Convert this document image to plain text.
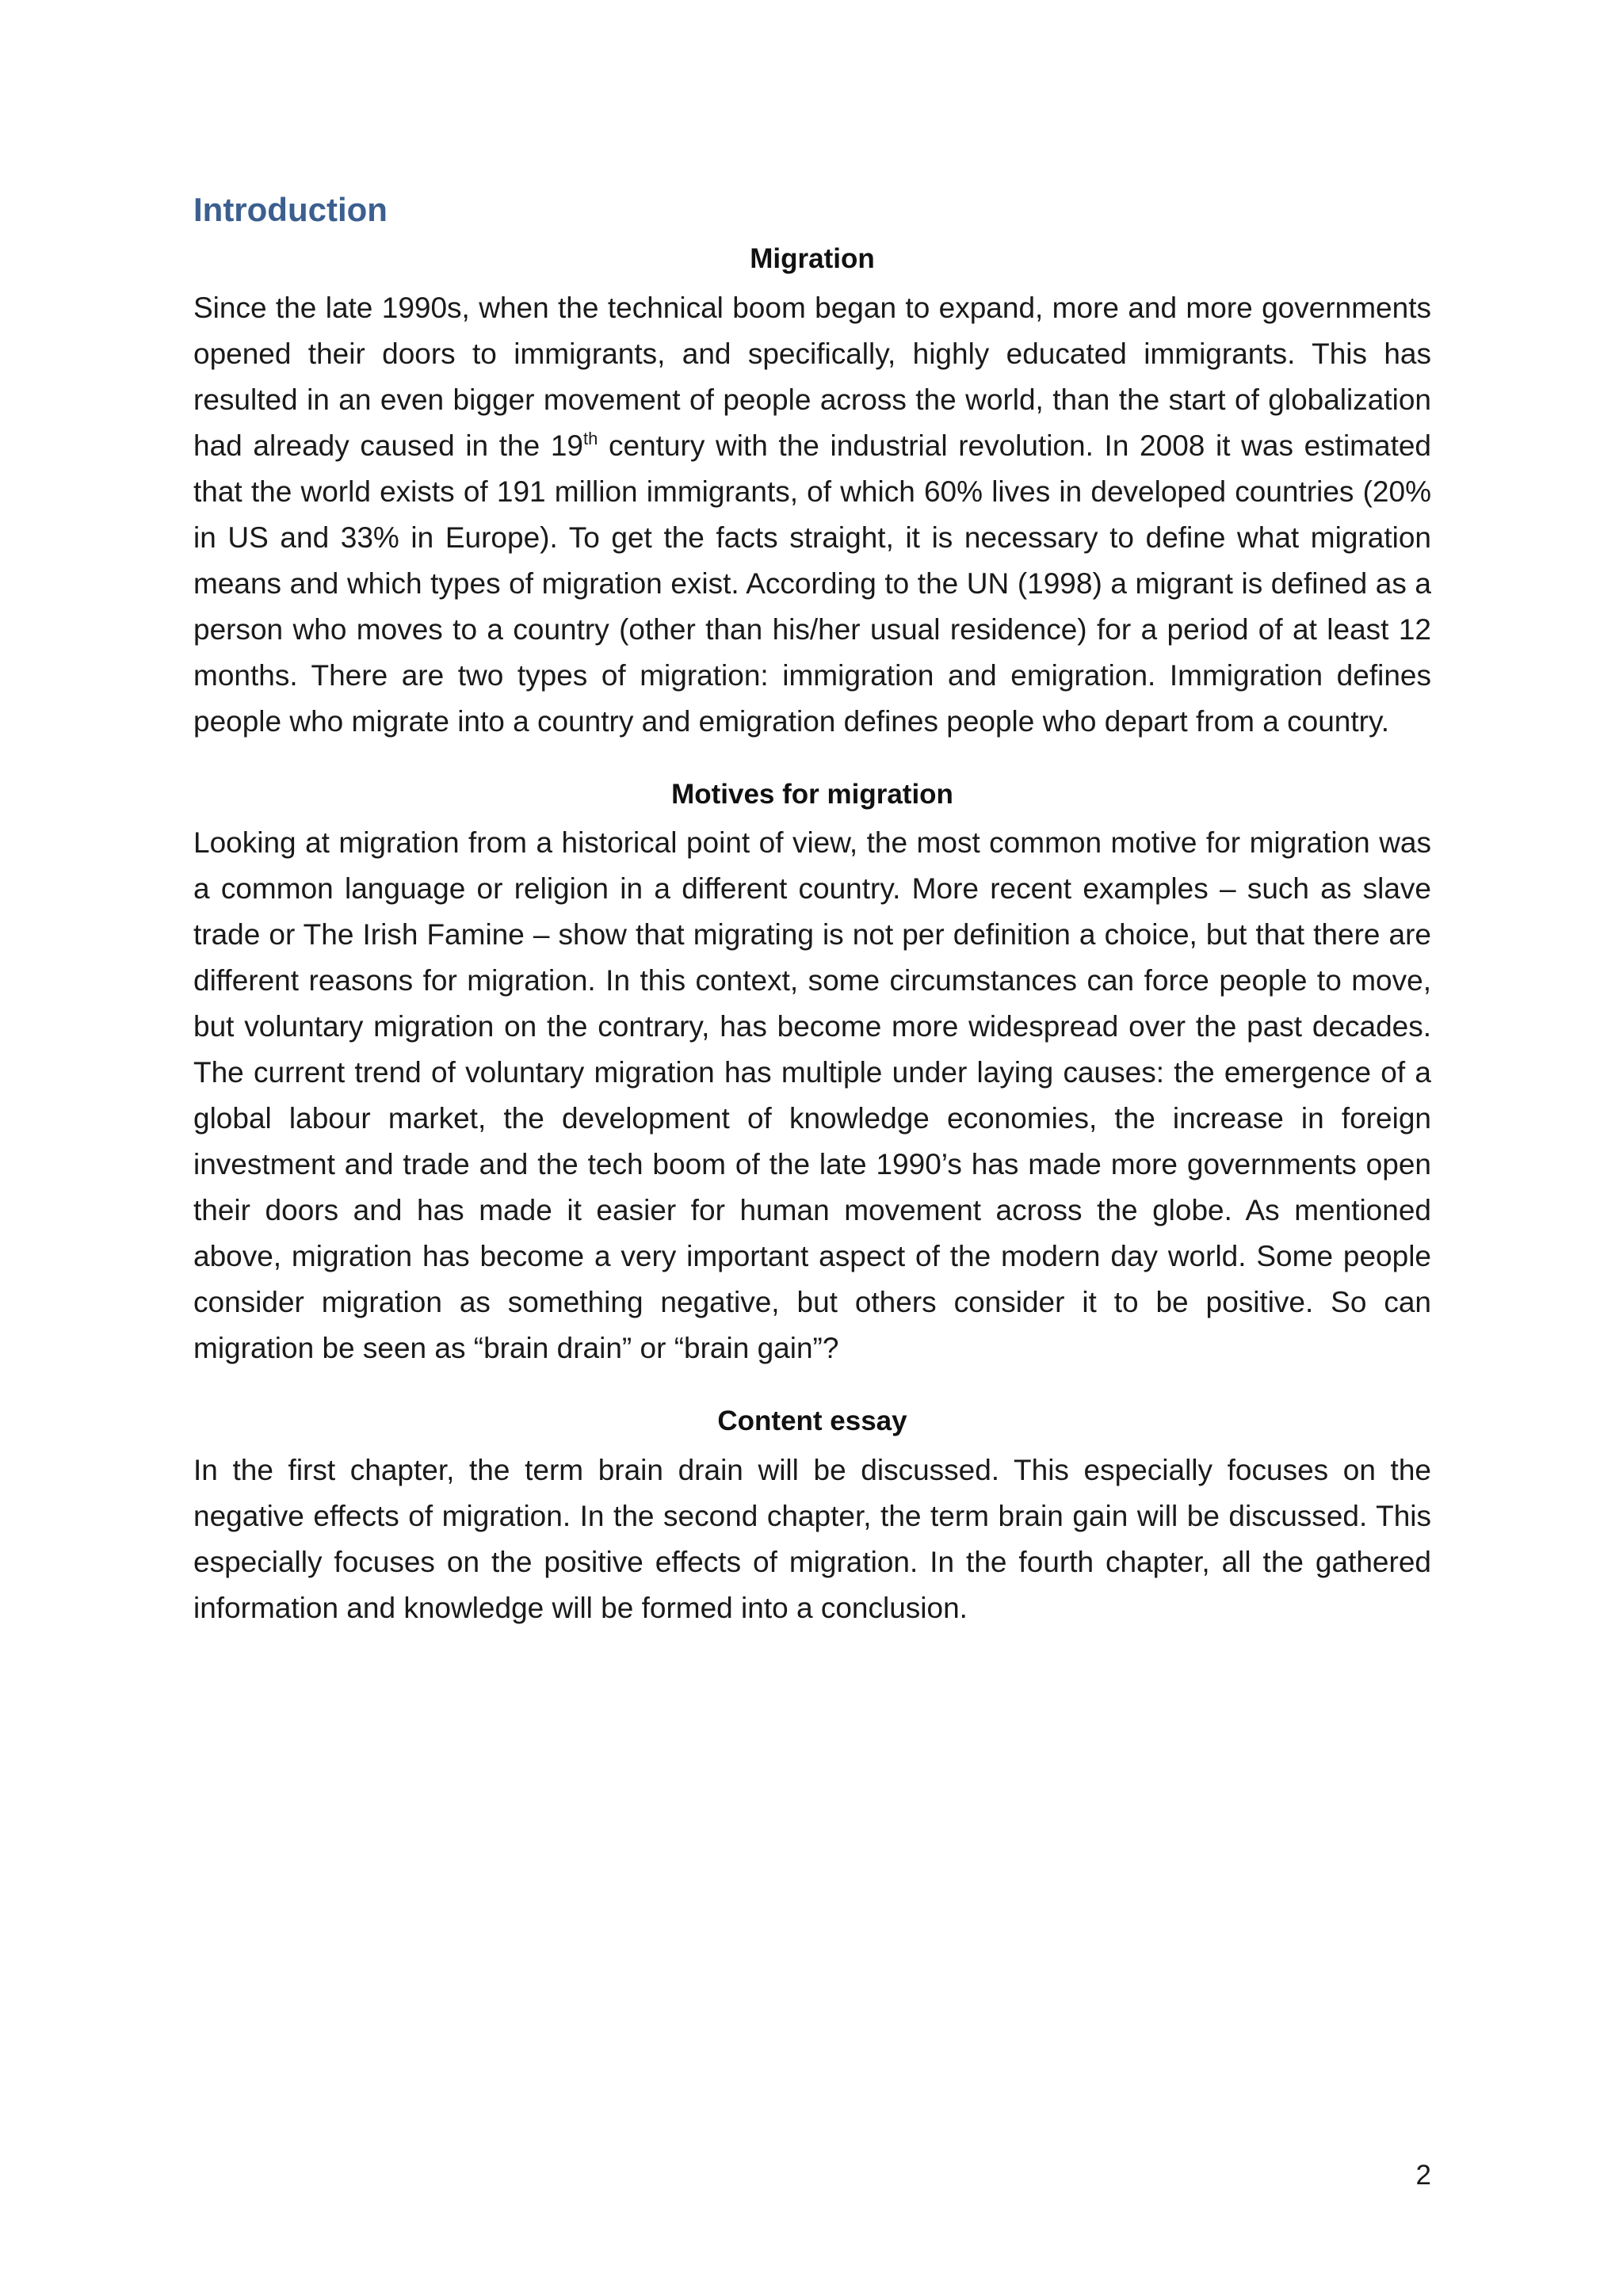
Introduction
Migration

Since the late 1990s, when the technical boom began to expand, more and more governments opened their doors to immigrants, and specifically, highly educated immigrants. This has resulted in an even bigger movement of people across the world, than the start of globalization had already caused in the 19th century with the industrial revolution. In 2008 it was estimated that the world exists of 191 million immigrants, of which 60% lives in developed countries (20% in US and 33% in Europe). To get the facts straight, it is necessary to define what migration means and which types of migration exist. According to the UN (1998) a migrant is defined as a person who moves to a country (other than his/her usual residence) for a period of at least 12 months. There are two types of migration: immigration and emigration. Immigration defines people who migrate into a country and emigration defines people who depart from a country.

Motives for migration

Looking at migration from a historical point of view, the most common motive for migration was a common language or religion in a different country. More recent examples – such as slave trade or The Irish Famine – show that migrating is not per definition a choice, but that there are different reasons for migration. In this context, some circumstances can force people to move, but voluntary migration on the contrary, has become more widespread over the past decades. The current trend of voluntary migration has multiple under laying causes: the emergence of a global labour market, the development of knowledge economies, the increase in foreign investment and trade and the tech boom of the late 1990’s has made more governments open their doors and has made it easier for human movement across the globe. As mentioned above, migration has become a very important aspect of the modern day world. Some people consider migration as something negative, but others consider it to be positive. So can migration be seen as “brain drain” or “brain gain”?

Content essay

In the first chapter, the term brain drain will be discussed. This especially focuses on the negative effects of migration. In the second chapter, the term brain gain will be discussed. This especially focuses on the positive effects of migration. In the fourth chapter, all the gathered information and knowledge will be formed into a conclusion.

2
